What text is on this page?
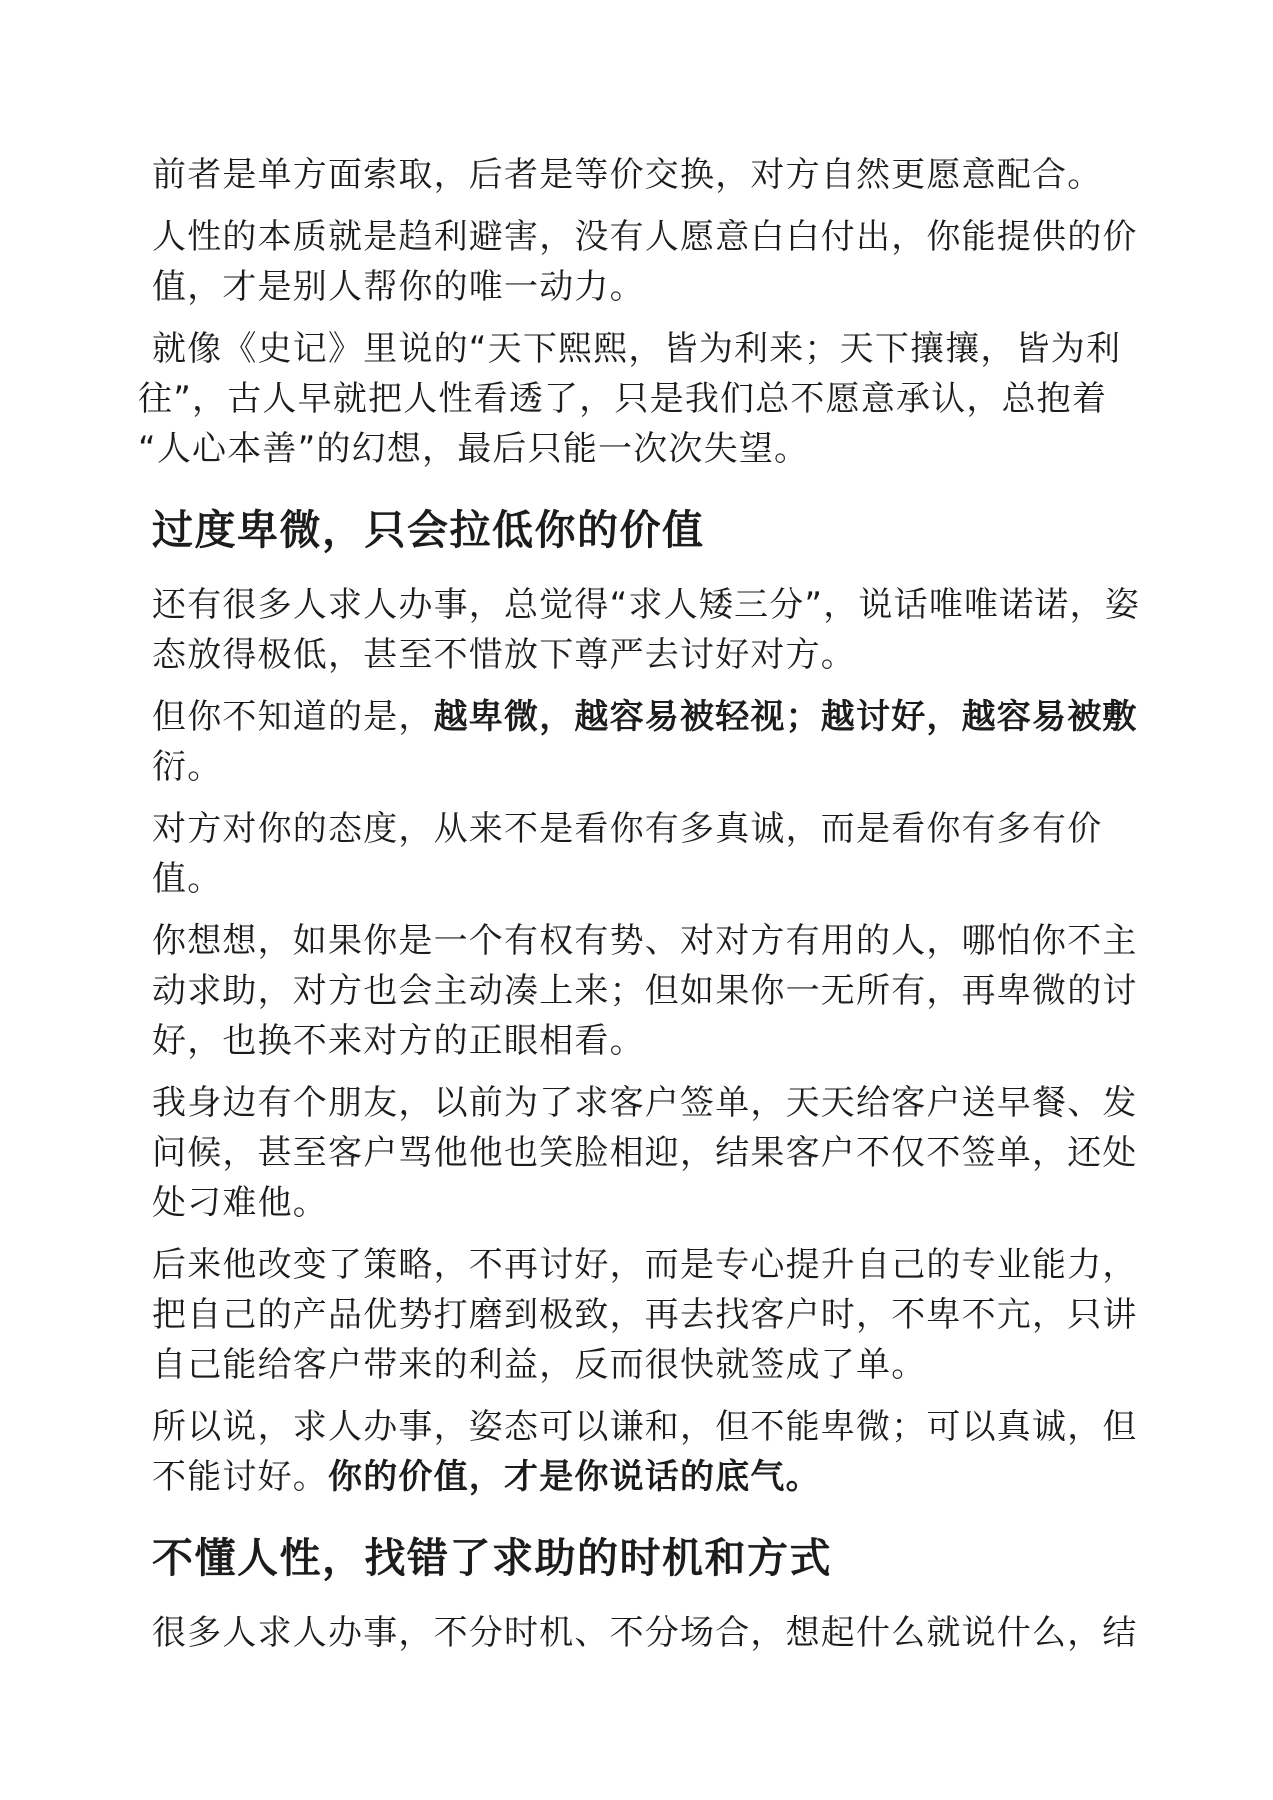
前者是单方面索取，后者是等价交换，对方自然更愿意配合。

人性的本质就是趋利避害，没有人愿意白白付出，你能提供的价
值，才是别人帮你的唯一动力。

就像《史记》里说的“天下熙熙，皆为利来；天下攘攘，皆为利
往”，古人早就把人性看透了，只是我们总不愿意承认，总抱着
“人心本善”的幻想，最后只能一次次失望。

过度卑微，只会拉低你的价值

还有很多人求人办事，总觉得“求人矮三分”，说话唯唯诺诺，姿
态放得极低，甚至不惜放下尊严去讨好对方。

但你不知道的是，越卑微，越容易被轻视；越讨好，越容易被敷
衍。

对方对你的态度，从来不是看你有多真诚，而是看你有多有价
值。

你想想，如果你是一个有权有势、对对方有用的人，哪怕你不主
动求助，对方也会主动凑上来；但如果你一无所有，再卑微的讨
好，也换不来对方的正眼相看。

我身边有个朋友，以前为了求客户签单，天天给客户送早餐、发
问候，甚至客户骂他他也笑脸相迎，结果客户不仅不签单，还处
处刁难他。

后来他改变了策略，不再讨好，而是专心提升自己的专业能力，
把自己的产品优势打磨到极致，再去找客户时，不卑不亢，只讲
自己能给客户带来的利益，反而很快就签成了单。

所以说，求人办事，姿态可以谦和，但不能卑微；可以真诚，但
不能讨好。你的价值，才是你说话的底气。

不懂人性，找错了求助的时机和方式

很多人求人办事，不分时机、不分场合，想起什么就说什么，结
